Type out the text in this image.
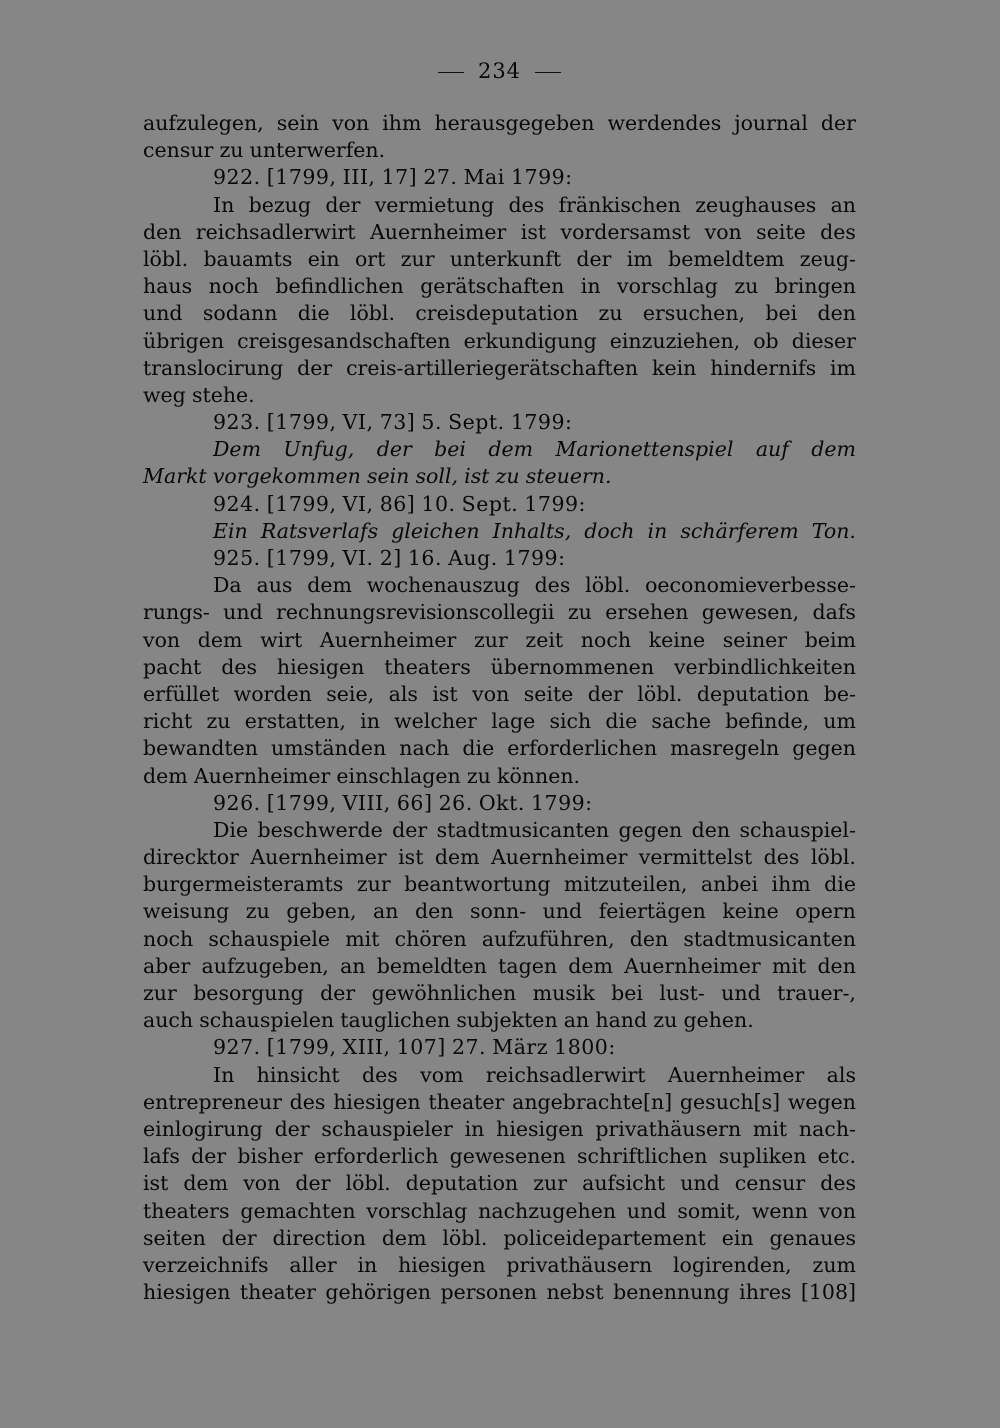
234
aufzulegen, sein von ihm herausgegeben werdendes journal der
censur zu unterwerfen.
922. [1799, III, 17] 27. Mai 1799:
In bezug der vermietung des fränkischen zeughauses an
den reichsadlerwirt Auernheimer ist vordersamst von seite des
löbl. bauamts ein ort zur unterkunft der im bemeldtem zeug-
haus noch befindlichen gerätschaften in vorschlag zu bringen
und sodann die löbl. creisdeputation zu ersuchen, bei den
übrigen creisgesandschaften erkundigung einzuziehen, ob dieser
translocirung der creis-artilleriegerätschaften kein hindernifs im
weg stehe.
923. [1799, VI, 73] 5. Sept. 1799:
Dem Unfug, der bei dem Marionettenspiel auf dem
Markt vorgekommen sein soll, ist zu steuern.
924. [1799, VI, 86] 10. Sept. 1799:
Ein Ratsverlafs gleichen Inhalts, doch in schärferem Ton.
925. [1799, VI. 2] 16. Aug. 1799:
Da aus dem wochenauszug des löbl. oeconomieverbesse-
rungs- und rechnungsrevisionscollegii zu ersehen gewesen, dafs
von dem wirt Auernheimer zur zeit noch keine seiner beim
pacht des hiesigen theaters übernommenen verbindlichkeiten
erfüllet worden seie, als ist von seite der löbl. deputation be-
richt zu erstatten, in welcher lage sich die sache befinde, um
bewandten umständen nach die erforderlichen masregeln gegen
dem Auernheimer einschlagen zu können.
926. [1799, VIII, 66] 26. Okt. 1799:
Die beschwerde der stadtmusicanten gegen den schauspiel-
direcktor Auernheimer ist dem Auernheimer vermittelst des löbl.
burgermeisteramts zur beantwortung mitzuteilen, anbei ihm die
weisung zu geben, an den sonn- und feiertägen keine opern
noch schauspiele mit chören aufzuführen, den stadtmusicanten
aber aufzugeben, an bemeldten tagen dem Auernheimer mit den
zur besorgung der gewöhnlichen musik bei lust- und trauer-,
auch schauspielen tauglichen subjekten an hand zu gehen.
927. [1799, XIII, 107] 27. März 1800:
In hinsicht des vom reichsadlerwirt Auernheimer als
entrepreneur des hiesigen theater angebrachte[n] gesuch[s] wegen
einlogirung der schauspieler in hiesigen privathäusern mit nach-
lafs der bisher erforderlich gewesenen schriftlichen supliken etc.
ist dem von der löbl. deputation zur aufsicht und censur des
theaters gemachten vorschlag nachzugehen und somit, wenn von
seiten der direction dem löbl. policeidepartement ein genaues
verzeichnifs aller in hiesigen privathäusern logirenden, zum
hiesigen theater gehörigen personen nebst benennung ihres [108]
